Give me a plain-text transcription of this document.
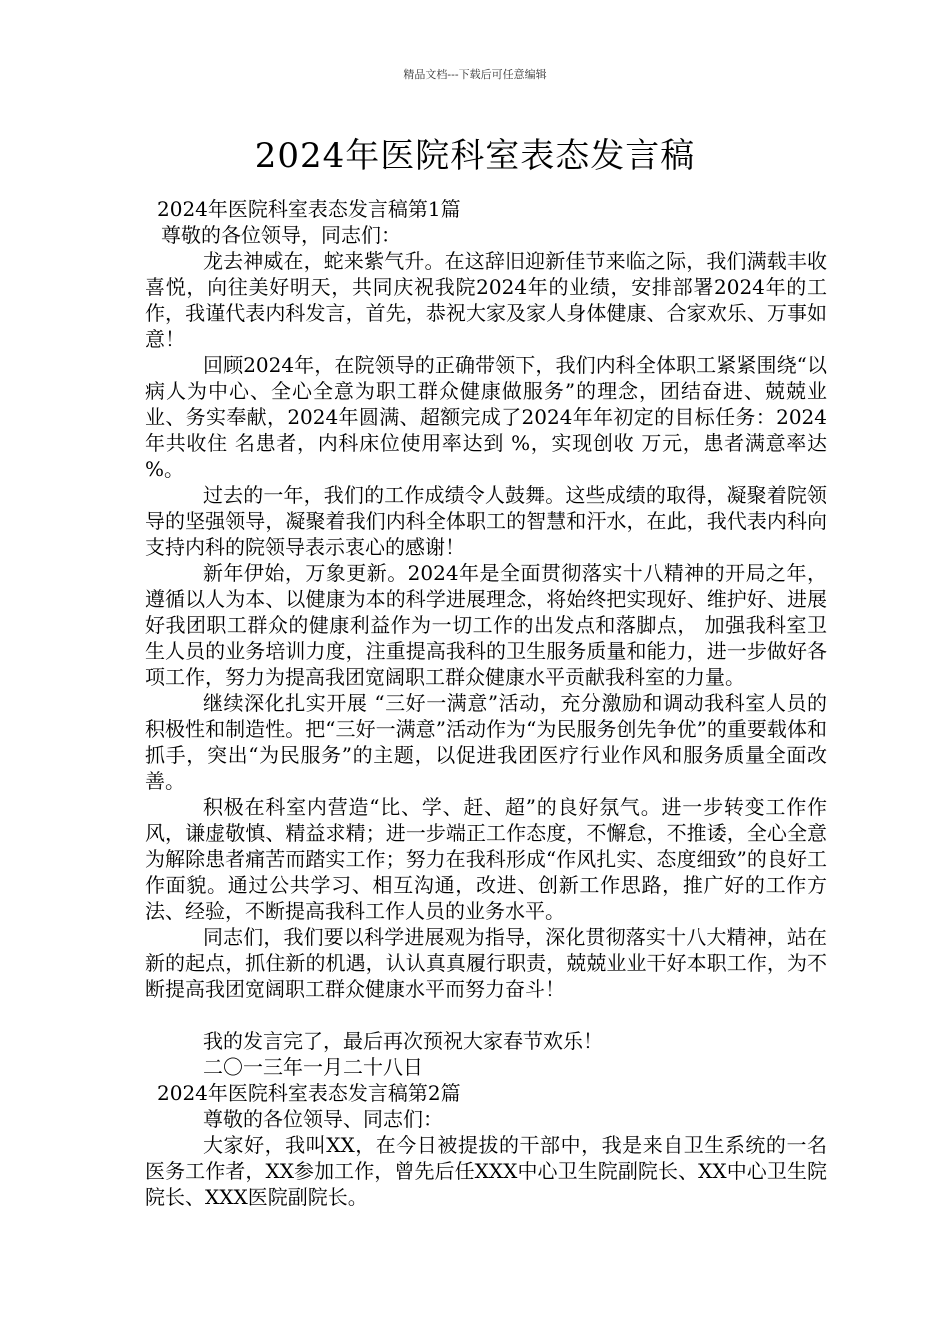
精品文档---下载后可任意编辑
2024年医院科室表态发言稿

2024年医院科室表态发言稿第1篇

尊敬的各位领导，同志们：

龙去神威在，蛇来紫气升。在这辞旧迎新佳节来临之际，我们满载丰收喜悦，向往美好明天，共同庆祝我院2024年的业绩，安排部署2024年的工作，我谨代表内科发言，首先，恭祝大家及家人身体健康、合家欢乐、万事如意！

回顾2024年，在院领导的正确带领下，我们内科全体职工紧紧围绕“以病人为中心、全心全意为职工群众健康做服务”的理念，团结奋进、兢兢业业、务实奉献，2024年圆满、超额完成了2024年年初定的目标任务：2024年共收住 名患者，内科床位使用率达到 %，实现创收 万元，患者满意率达 %。

过去的一年，我们的工作成绩令人鼓舞。这些成绩的取得，凝聚着院领导的坚强领导，凝聚着我们内科全体职工的智慧和汗水，在此，我代表内科向支持内科的院领导表示衷心的感谢！

新年伊始，万象更新。2024年是全面贯彻落实十八精神的开局之年，遵循以人为本、以健康为本的科学进展理念，将始终把实现好、维护好、进展好我团职工群众的健康利益作为一切工作的出发点和落脚点， 加强我科室卫生人员的业务培训力度，注重提高我科的卫生服务质量和能力，进一步做好各项工作，努力为提高我团宽阔职工群众健康水平贡献我科室的力量。

继续深化扎实开展 “三好一满意”活动，充分激励和调动我科室人员的积极性和制造性。把“三好一满意”活动作为“为民服务创先争优”的重要载体和抓手，突出“为民服务”的主题，以促进我团医疗行业作风和服务质量全面改善。

积极在科室内营造“比、学、赶、超”的良好氛气。进一步转变工作作风，谦虚敬慎、精益求精；进一步端正工作态度，不懈怠，不推诿，全心全意为解除患者痛苦而踏实工作；努力在我科形成“作风扎实、态度细致”的良好工作面貌。通过公共学习、相互沟通，改进、创新工作思路，推广好的工作方法、经验，不断提高我科工作人员的业务水平。

同志们，我们要以科学进展观为指导，深化贯彻落实十八大精神，站在新的起点，抓住新的机遇，认认真真履行职责，兢兢业业干好本职工作，为不断提高我团宽阔职工群众健康水平而努力奋斗！

我的发言完了，最后再次预祝大家春节欢乐！

二〇一三年一月二十八日

2024年医院科室表态发言稿第2篇

尊敬的各位领导、同志们：

大家好，我叫XX，在今日被提拔的干部中，我是来自卫生系统的一名医务工作者，XX参加工作，曾先后任XXX中心卫生院副院长、XX中心卫生院院长、XXX医院副院长。
